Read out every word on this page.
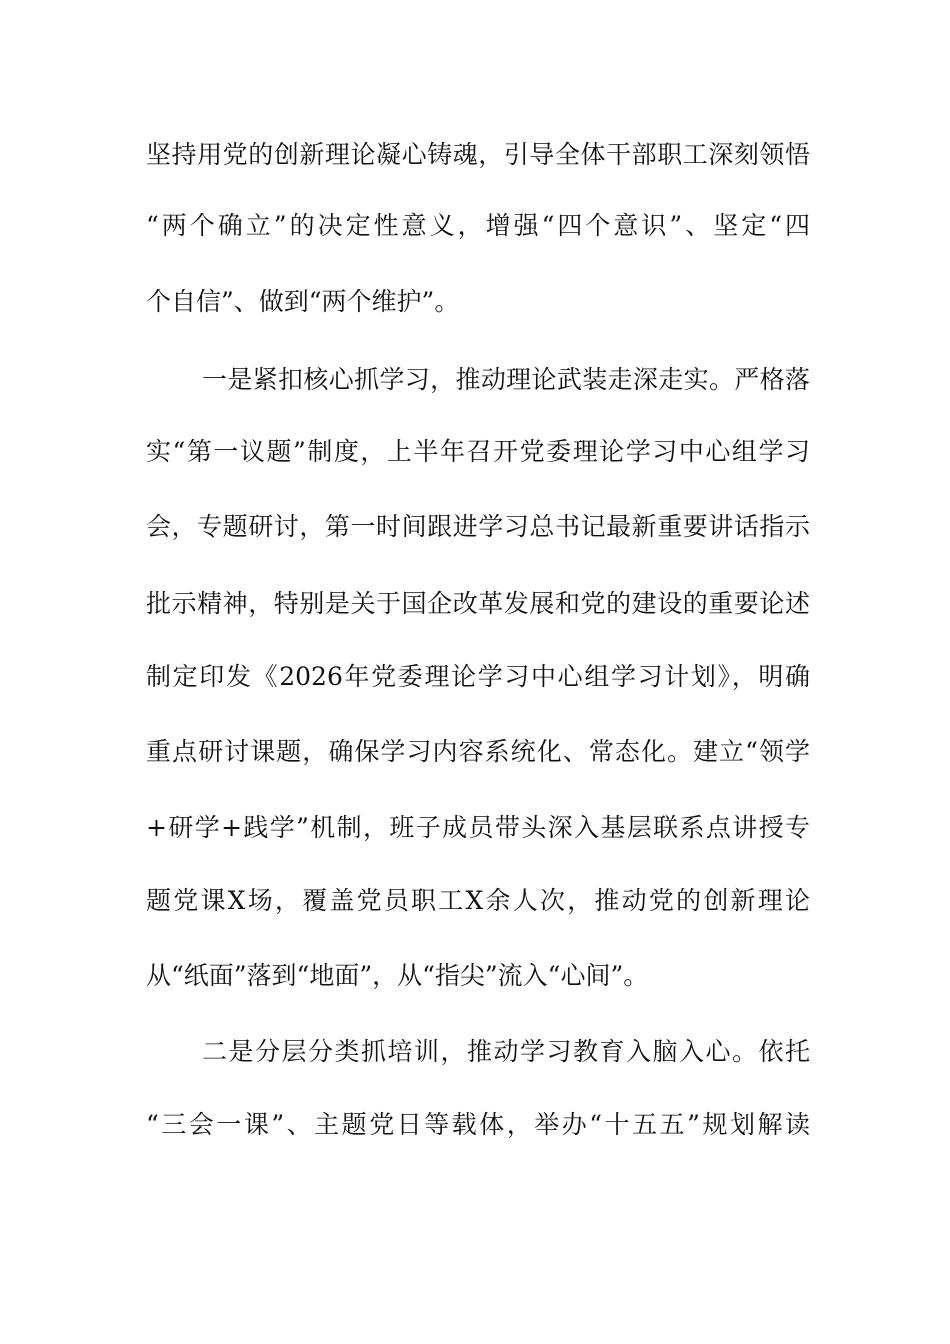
坚持用党的创新理论凝心铸魂，引导全体干部职工深刻领悟
“两个确立”的决定性意义，增强“四个意识”、坚定“四
个自信”、做到“两个维护”。
一是紧扣核心抓学习，推动理论武装走深走实。严格落
实“第一议题”制度，上半年召开党委理论学习中心组学习
会，专题研讨，第一时间跟进学习总书记最新重要讲话指示
批示精神，特别是关于国企改革发展和党的建设的重要论述
制定印发《2026年党委理论学习中心组学习计划》，明确
重点研讨课题，确保学习内容系统化、常态化。建立“领学
+研学+践学”机制，班子成员带头深入基层联系点讲授专
题党课X场，覆盖党员职工X余人次，推动党的创新理论
从“纸面”落到“地面”，从“指尖”流入“心间”。
二是分层分类抓培训，推动学习教育入脑入心。依托
“三会一课”、主题党日等载体，举办“十五五”规划解读
